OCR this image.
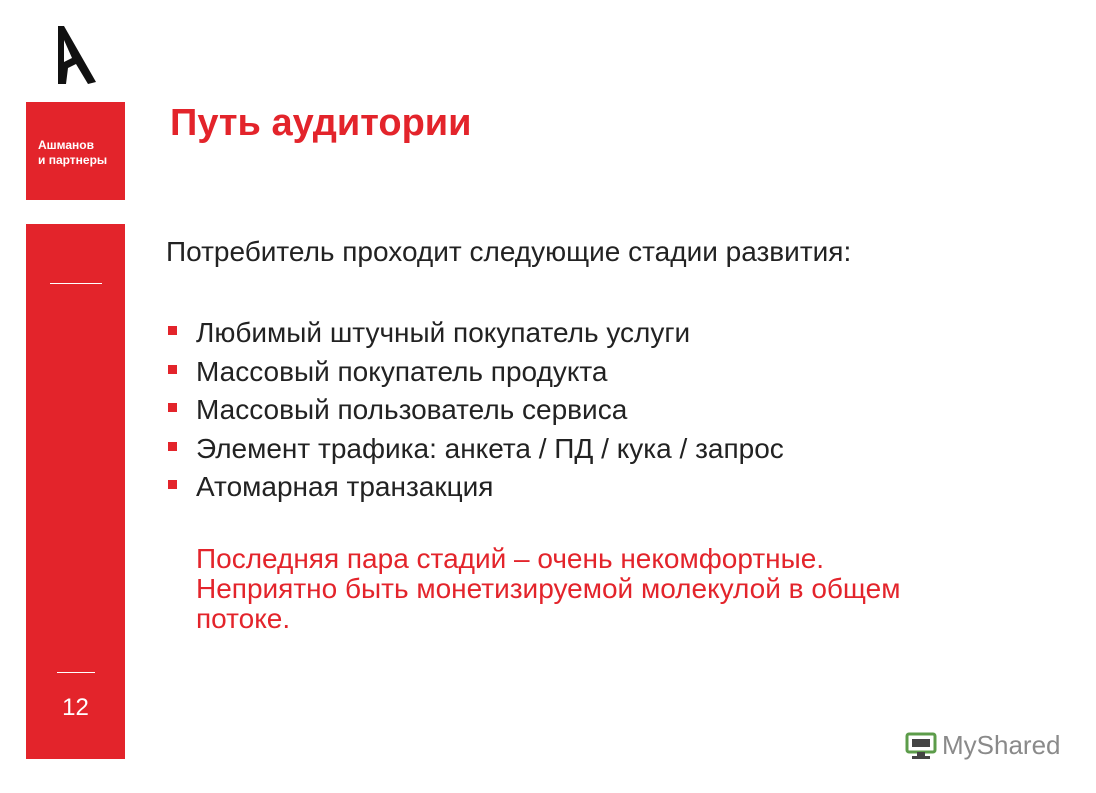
Ашманов
и партнеры
12
Путь аудитории
Потребитель проходит следующие стадии развития:
Любимый штучный покупатель услуги
Массовый покупатель продукта
Массовый пользователь сервиса
Элемент трафика: анкета / ПД / кука / запрос
Атомарная транзакция
Последняя пара стадий – очень некомфортные.
Неприятно быть монетизируемой молекулой в общем
потоке.
MyShared
